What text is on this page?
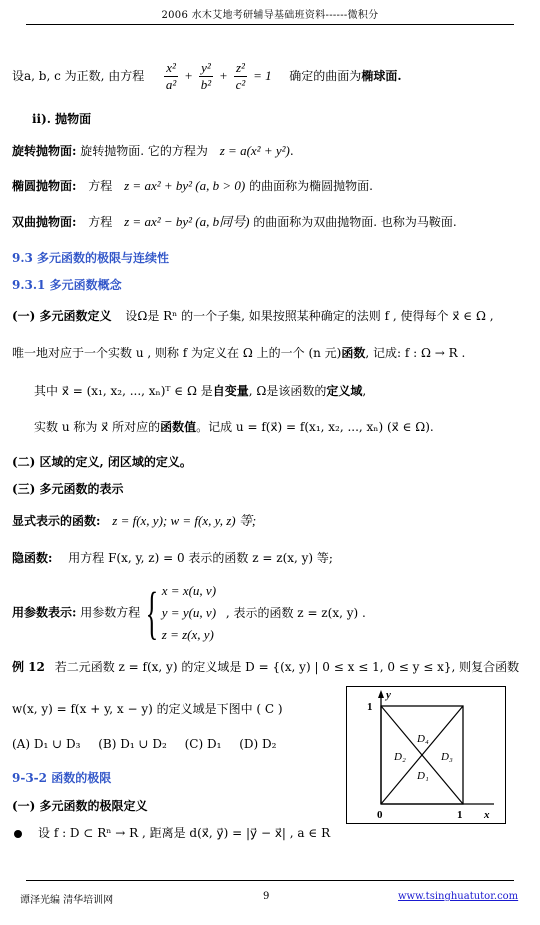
2006 水木艾地考研辅导基础班资料------微积分
设a, b, c 为正数, 由方程 $\frac{\text{x²}}{\text{a²}} + \frac{\text{y²}}{\text{b²}} + \frac{\text{z²}}{\text{c²}} = 1$ 确定的曲面为椭球面.
ii). 抛物面
旋转抛物面: 旋转抛物面. 它的方程为 z = a(x² + y²).
椭圆抛物面: 方程 z = ax² + by² (a, b > 0) 的曲面称为椭圆抛物面.
双曲抛物面: 方程 z = ax² − by² (a, b同号) 的曲面称为双曲抛物面. 也称为马鞍面.
9.3 多元函数的极限与连续性
9.3.1 多元函数概念
(一) 多元函数定义 设Ω是 Rⁿ 的一个子集, 如果按照某种确定的法则 f , 使得每个 x⃗ ∈ Ω ,
唯一地对应于一个实数 u , 则称 f 为定义在 Ω 上的一个 (n 元)函数, 记成: f : Ω → R .
其中 x⃗ = (x₁, x₂, ..., xₙ)ᵀ ∈ Ω 是自变量, Ω是该函数的定义域,
实数 u 称为 x⃗ 所对应的函数值。记成 u = f(x⃗) = f(x₁, x₂, ..., xₙ) (x⃗ ∈ Ω).
(二) 区域的定义, 闭区域的定义。
(三) 多元函数的表示
显式表示的函数: z = f(x, y); w = f(x, y, z) 等;
隐函数: 用方程 F(x, y, z) = 0 表示的函数 z = z(x, y) 等;
用参数表示: 用参数方程 { x = x(u, v)
y = y(u, v)
z = z(x, y)
, 表示的函数 z = z(x, y) .
例 12 若二元函数 z = f(x, y) 的定义域是 D = {(x, y) | 0 ≤ x ≤ 1, 0 ≤ y ≤ x}, 则复合函数
w(x, y) = f(x + y, x − y) 的定义域是下图中 ( C )
(A) D₁ ∪ D₃ (B) D₁ ∪ D₂ (C) D₁ (D) D₂
y
1
0	1 x
D₄
D₂	D₃
D₁
9-3-2 函数的极限
(一) 多元函数的极限定义
设 f : D ⊂ Rⁿ → R , 距离是 d(x⃗, y⃗) = |y⃗ − x⃗| , a ∈ R
谭泽光编 清华培训网	9	www.tsinghuatutor.com
